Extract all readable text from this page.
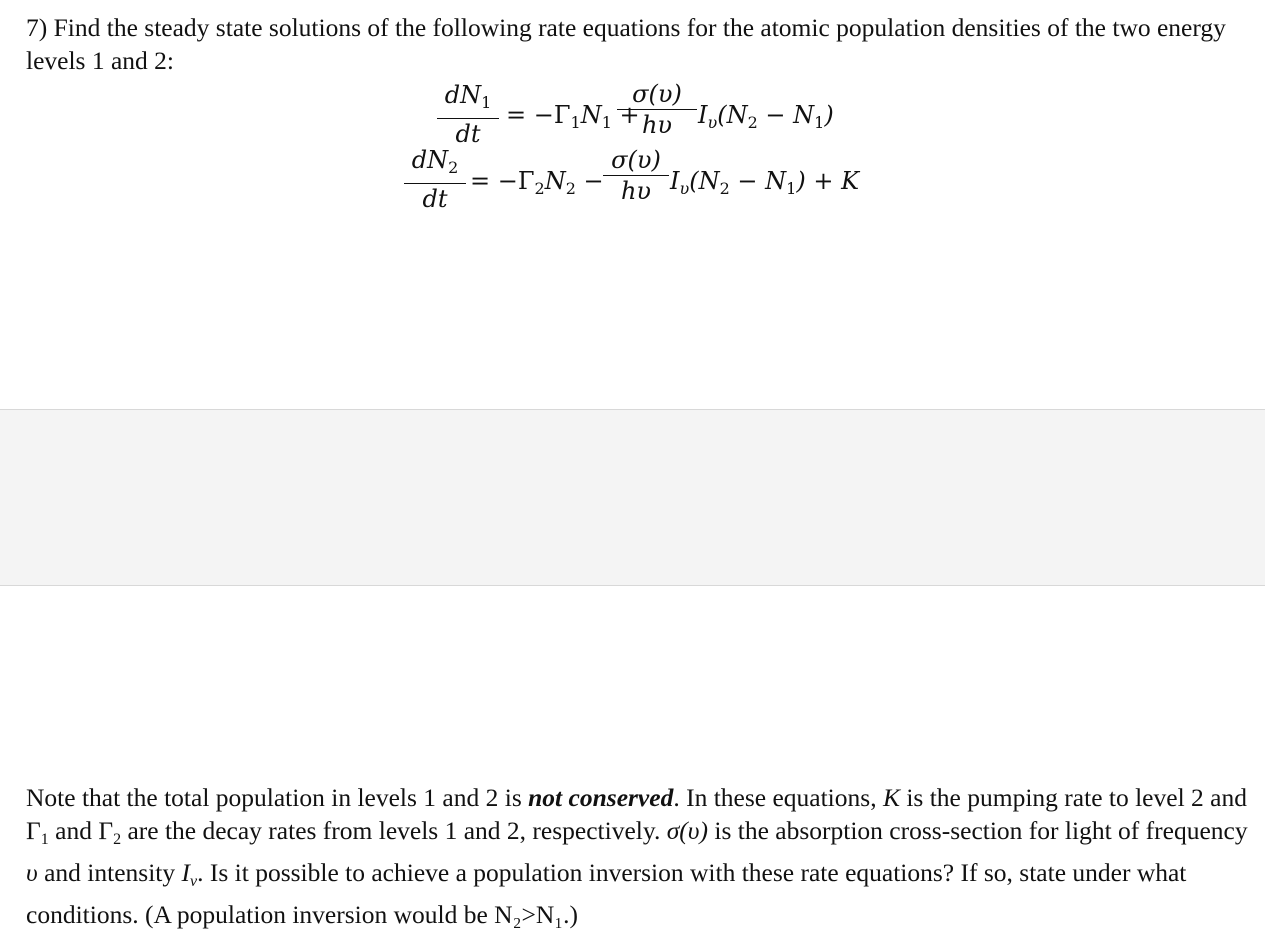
7) Find the steady state solutions of the following rate equations for the atomic population densities of the two energy levels 1 and 2:

$dN_1$
dt
= $-\Gamma_1N_1$ +
σ(υ)
hυ	$I_\upsilon(N_2 - N_1)$
$dN_2$
dt
= $-\Gamma_2N_2$ −
σ(υ)
hυ $I_\upsilon(N_2 - N_1) + K$

Note that the total population in levels 1 and 2 is not conserved. In these equations, K is the pumping rate to level 2 and $\Gamma_1$ and $\Gamma_2$ are the decay rates from levels 1 and 2, respectively. σ(υ) is the absorption cross-section for light of frequency υ and intensity $I_\nu$. Is it possible to achieve a population inversion with these rate equations? If so, state under what conditions. (A population inversion would be N₂>N₁.)
